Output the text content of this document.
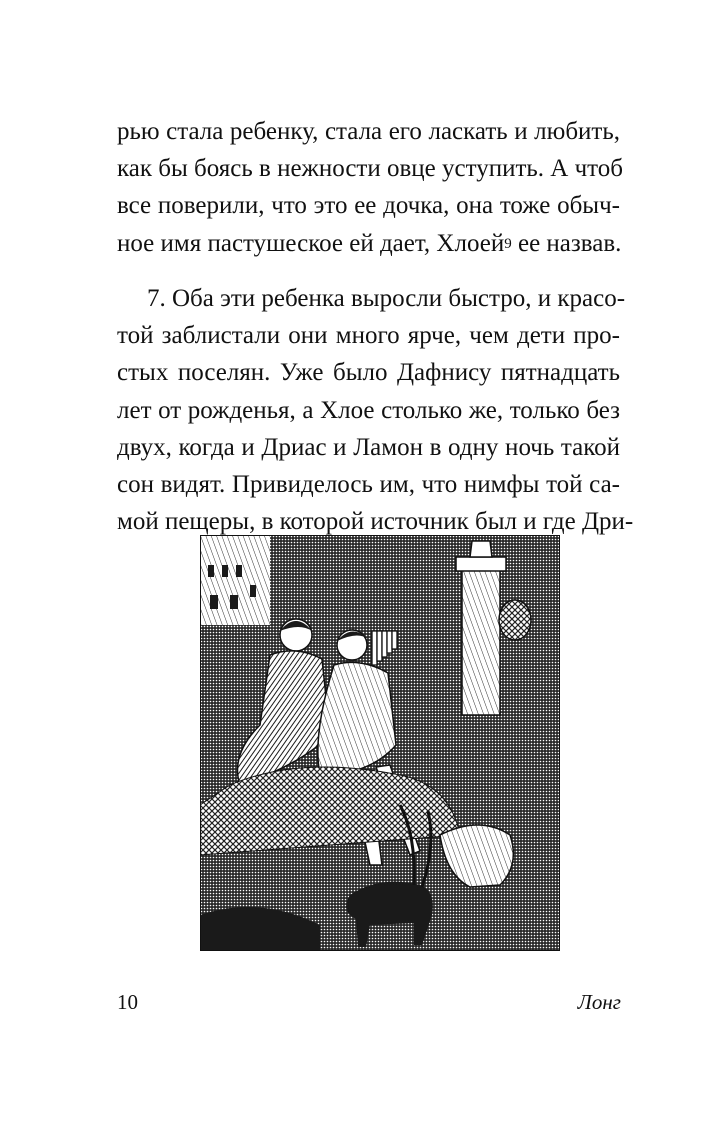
рью стала ребенку, стала его ласкать и любить,
как бы боясь в нежности овце уступить. А чтоб
все поверили, что это ее дочка, она тоже обыч-
ное имя пастушеское ей дает, Хлоей$^9$ ее назвав.

7. Оба эти ребенка выросли быстро, и красо-
той заблистали они много ярче, чем дети про-
стых поселян. Уже было Дафнису пятнадцать
лет от рожденья, а Хлое столько же, только без
двух, когда и Дриас и Ламон в одну ночь такой
сон видят. Привиделось им, что нимфы той са-
мой пещеры, в которой источник был и где Дри-

10	Лонг
